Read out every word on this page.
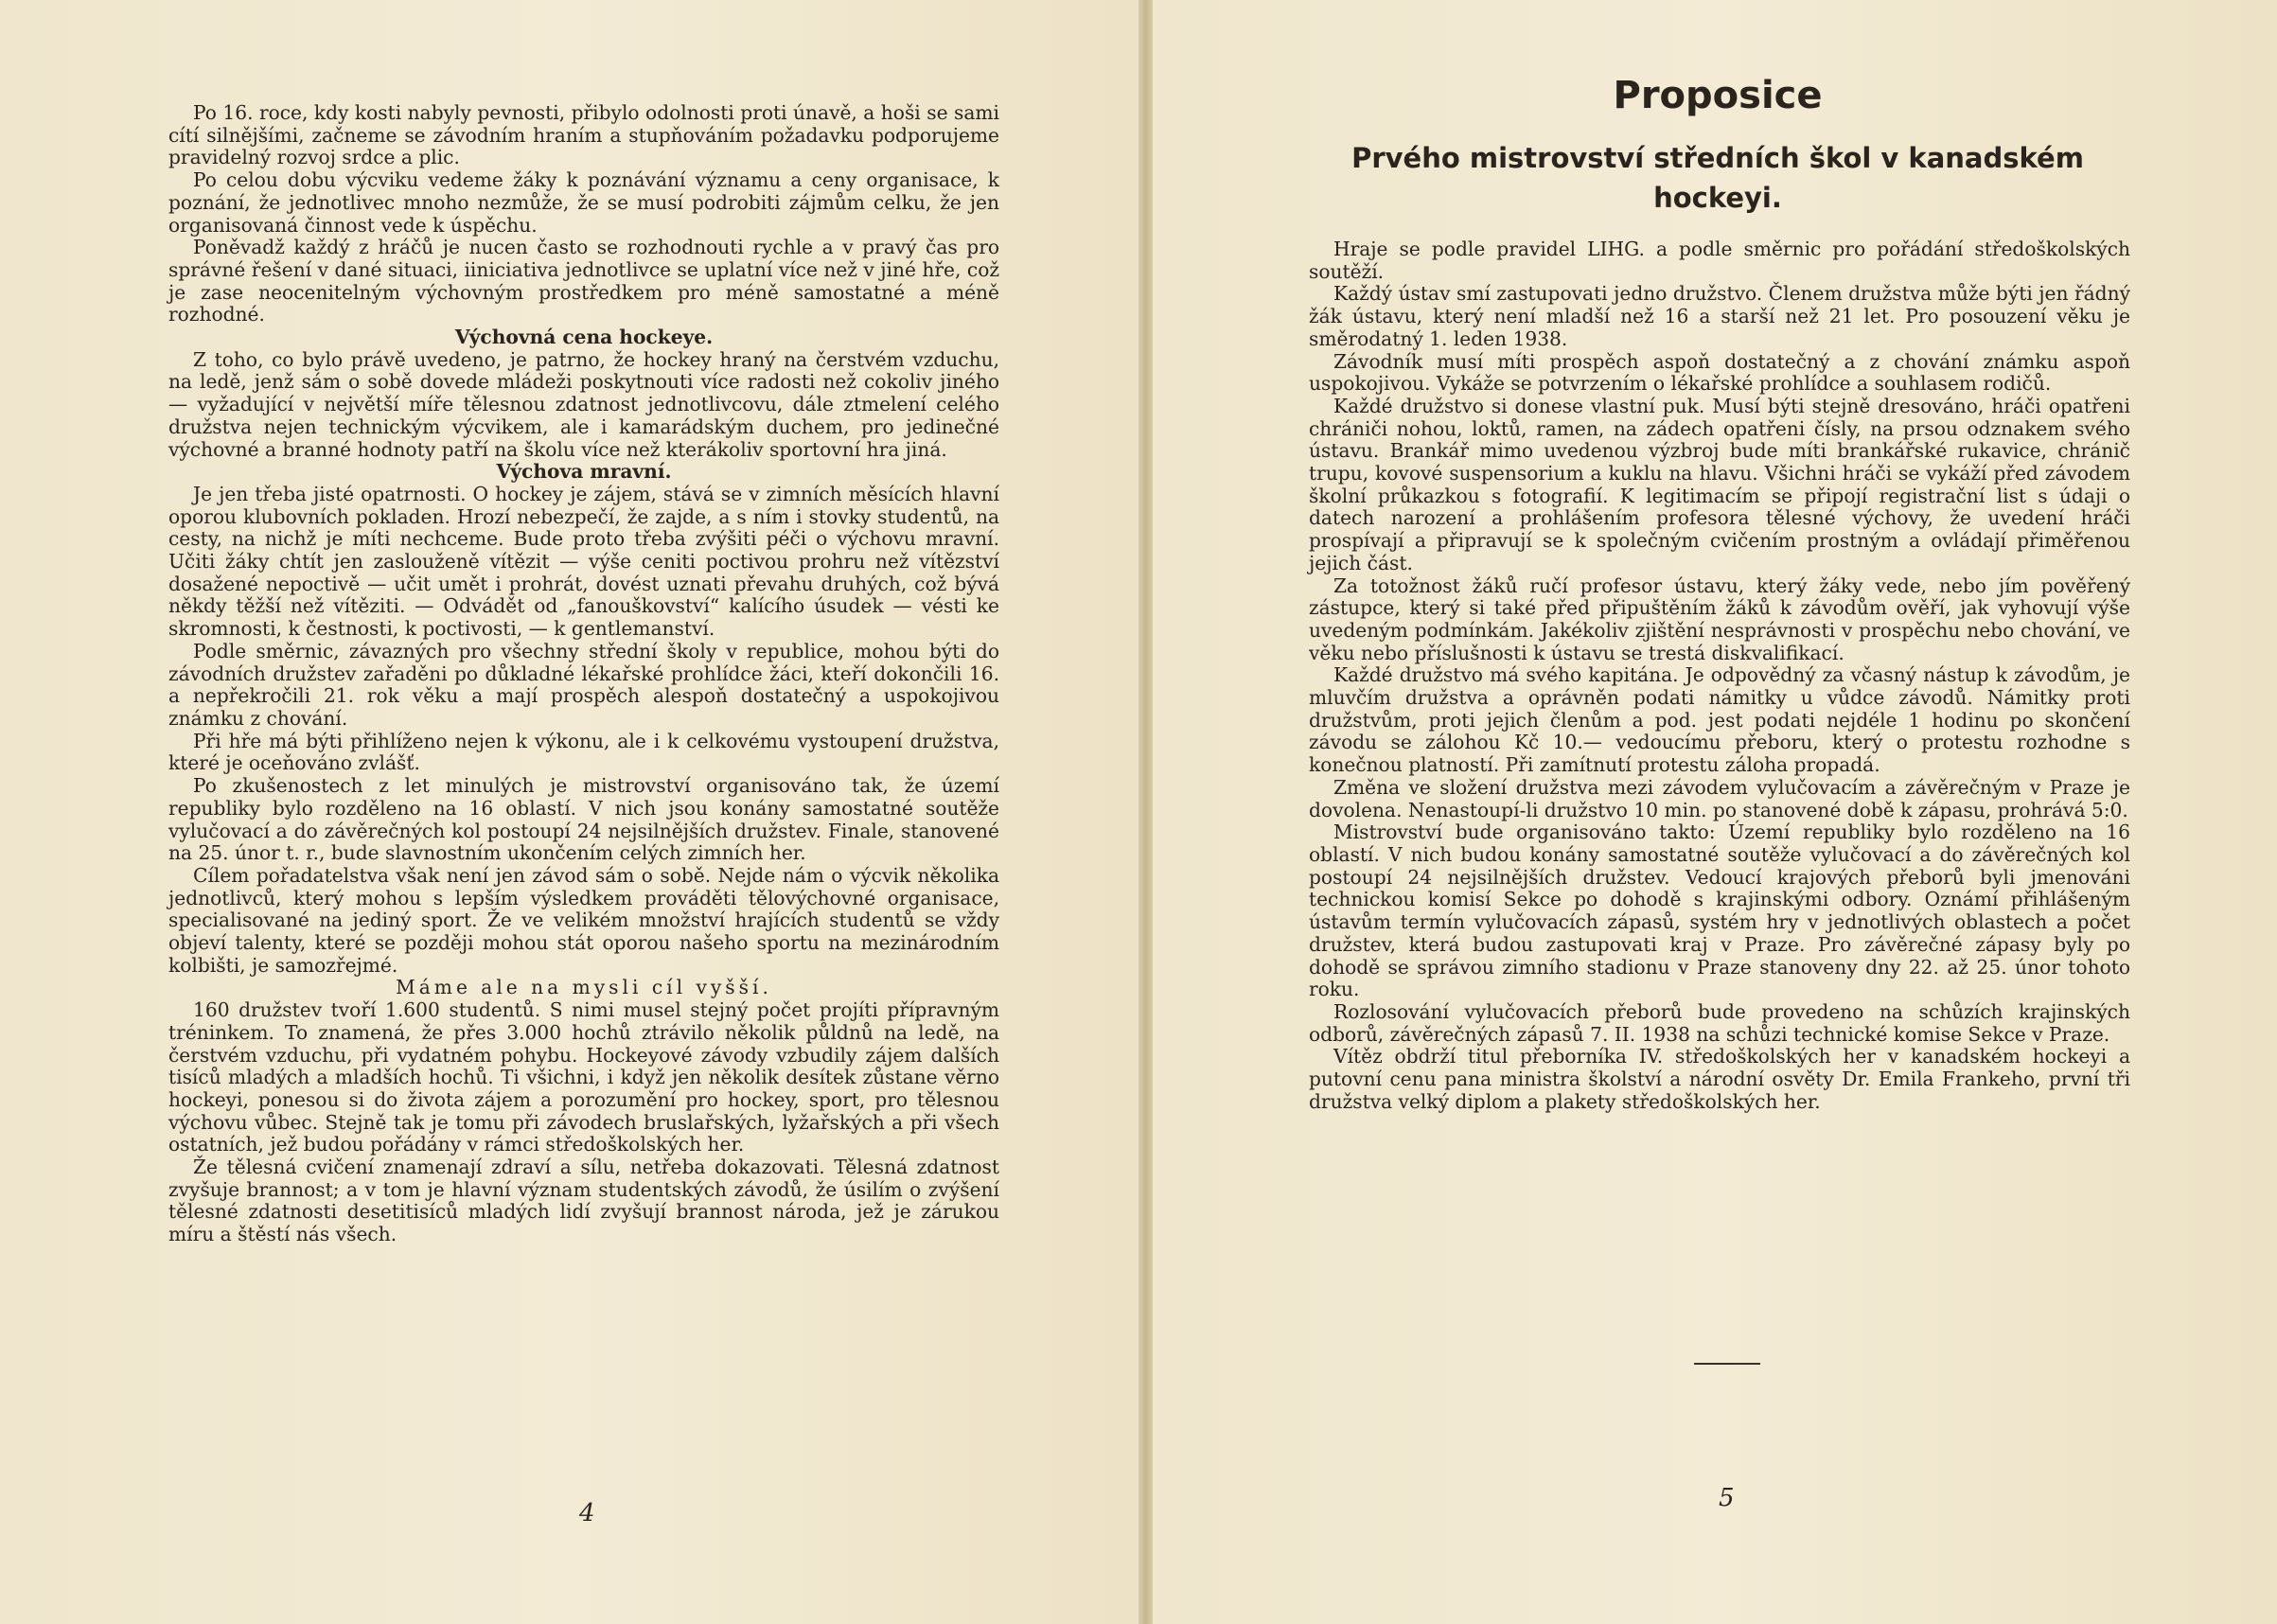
Po 16. roce, kdy kosti nabyly pevnosti, přibylo odolnosti proti únavě, a hoši se sami cítí silnějšími, začneme se závodním hraním a stupňováním požadavku podporujeme pravidelný rozvoj srdce a plic.

Po celou dobu výcviku vedeme žáky k poznávání významu a ceny organisace, k poznání, že jednotlivec mnoho nezmůže, že se musí podrobiti zájmům celku, že jen organisovaná činnost vede k úspěchu.

Poněvadž každý z hráčů je nucen často se rozhodnouti rychle a v pravý čas pro správné řešení v dané situaci, iiniciativa jednotlivce se uplatní více než v jiné hře, což je zase neocenitelným výchovným prostředkem pro méně samostatné a méně rozhodné.

Výchovná cena hockeye.

Z toho, co bylo právě uvedeno, je patrno, že hockey hraný na čerstvém vzduchu, na ledě, jenž sám o sobě dovede mládeži poskytnouti více radosti než cokoliv jiného — vyžadující v největší míře tělesnou zdatnost jednotlivcovu, dále ztmelení celého družstva nejen technickým výcvikem, ale i kamarádským duchem, pro jedinečné výchovné a branné hodnoty patří na školu více než kterákoliv sportovní hra jiná.

Výchova mravní.

Je jen třeba jisté opatrnosti. O hockey je zájem, stává se v zimních měsících hlavní oporou klubovních pokladen. Hrozí nebezpečí, že zajde, a s ním i stovky studentů, na cesty, na nichž je míti nechceme. Bude proto třeba zvýšiti péči o výchovu mravní. Učiti žáky chtít jen zaslouženě vítězit — výše ceniti poctivou prohru než vítězství dosažené nepoctivě — učit umět i prohrát, dovést uznati převahu druhých, což bývá někdy těžší než vítěziti. — Odvádět od „fanouškovství“ kalícího úsudek — vésti ke skromnosti, k čestnosti, k poctivosti, — k gentlemanství.

Podle směrnic, závazných pro všechny střední školy v republice, mohou býti do závodních družstev zařaděni po důkladné lékařské prohlídce žáci, kteří dokončili 16. a nepřekročili 21. rok věku a mají prospěch alespoň dostatečný a uspokojivou známku z chování.

Při hře má býti přihlíženo nejen k výkonu, ale i k celkovému vystoupení družstva, které je oceňováno zvlášť.

Po zkušenostech z let minulých je mistrovství organisováno tak, že území republiky bylo rozděleno na 16 oblastí. V nich jsou konány samostatné soutěže vylučovací a do závěrečných kol postoupí 24 nejsilnějších družstev. Finale, stanovené na 25. únor t. r., bude slavnostním ukončením celých zimních her.

Cílem pořadatelstva však není jen závod sám o sobě. Nejde nám o výcvik několika jednotlivců, který mohou s lepším výsledkem prováděti tělovýchovné organisace, specialisované na jediný sport. Že ve velikém množství hrajících studentů se vždy objeví talenty, které se později mohou stát oporou našeho sportu na mezinárodním kolbišti, je samozřejmé.

Máme ale na mysli cíl vyšší.

160 družstev tvoří 1.600 studentů. S nimi musel stejný počet projíti přípravným tréninkem. To znamená, že přes 3.000 hochů ztrávilo několik půldnů na ledě, na čerstvém vzduchu, při vydatném pohybu. Hockeyové závody vzbudily zájem dalších tisíců mladých a mladších hochů. Ti všichni, i když jen několik desítek zůstane věrno hockeyi, ponesou si do života zájem a porozumění pro hockey, sport, pro tělesnou výchovu vůbec. Stejně tak je tomu při závodech bruslařských, lyžařských a při všech ostatních, jež budou pořádány v rámci středoškolských her.

Že tělesná cvičení znamenají zdraví a sílu, netřeba dokazovati. Tělesná zdatnost zvyšuje brannost; a v tom je hlavní význam studentských závodů, že úsilím o zvýšení tělesné zdatnosti desetitisíců mladých lidí zvyšují brannost národa, jež je zárukou míru a štěstí nás všech.

4
Proposice
Prvého mistrovství středních škol v kanadském hockeyi.

Hraje se podle pravidel LIHG. a podle směrnic pro pořádání středoškolských soutěží.

Každý ústav smí zastupovati jedno družstvo. Členem družstva může býti jen řádný žák ústavu, který není mladší než 16 a starší než 21 let. Pro posouzení věku je směrodatný 1. leden 1938.

Závodník musí míti prospěch aspoň dostatečný a z chování známku aspoň uspokojivou. Vykáže se potvrzením o lékařské prohlídce a souhlasem rodičů.

Každé družstvo si donese vlastní puk. Musí býti stejně dresováno, hráči opatřeni chrániči nohou, loktů, ramen, na zádech opatřeni čísly, na prsou odznakem svého ústavu. Brankář mimo uvedenou výzbroj bude míti brankářské rukavice, chránič trupu, kovové suspensorium a kuklu na hlavu. Všichni hráči se vykáží před závodem školní průkazkou s fotografií. K legitimacím se připojí registrační list s údaji o datech narození a prohlášením profesora tělesné výchovy, že uvedení hráči prospívají a připravují se k společným cvičením prostným a ovládají přiměřenou jejich část.

Za totožnost žáků ručí profesor ústavu, který žáky vede, nebo jím pověřený zástupce, který si také před připuštěním žáků k závodům ověří, jak vyhovují výše uvedeným podmínkám. Jakékoliv zjištění nesprávnosti v prospěchu nebo chování, ve věku nebo příslušnosti k ústavu se trestá diskvalifikací.

Každé družstvo má svého kapitána. Je odpovědný za včasný nástup k závodům, je mluvčím družstva a oprávněn podati námitky u vůdce závodů. Námitky proti družstvům, proti jejich členům a pod. jest podati nejdéle 1 hodinu po skončení závodu se zálohou Kč 10.— vedoucímu přeboru, který o protestu rozhodne s konečnou platností. Při zamítnutí protestu záloha propadá.

Změna ve složení družstva mezi závodem vylučovacím a závěrečným v Praze je dovolena. Nenastoupí-li družstvo 10 min. po stanovené době k zápasu, prohrává 5:0.

Mistrovství bude organisováno takto: Území republiky bylo rozděleno na 16 oblastí. V nich budou konány samostatné soutěže vylučovací a do závěrečných kol postoupí 24 nejsilnějších družstev. Vedoucí krajových přeborů byli jmenováni technickou komisí Sekce po dohodě s krajinskými odbory. Oznámí přihlášeným ústavům termín vylučovacích zápasů, systém hry v jednotlivých oblastech a počet družstev, která budou zastupovati kraj v Praze. Pro závěrečné zápasy byly po dohodě se správou zimního stadionu v Praze stanoveny dny 22. až 25. únor tohoto roku.

Rozlosování vylučovacích přeborů bude provedeno na schůzích krajinských odborů, závěrečných zápasů 7. II. 1938 na schůzi technické komise Sekce v Praze.

Vítěz obdrží titul přeborníka IV. středoškolských her v kanadském hockeyi a putovní cenu pana ministra školství a národní osvěty Dr. Emila Frankeho, první tři družstva velký diplom a plakety středoškolských her.

5
